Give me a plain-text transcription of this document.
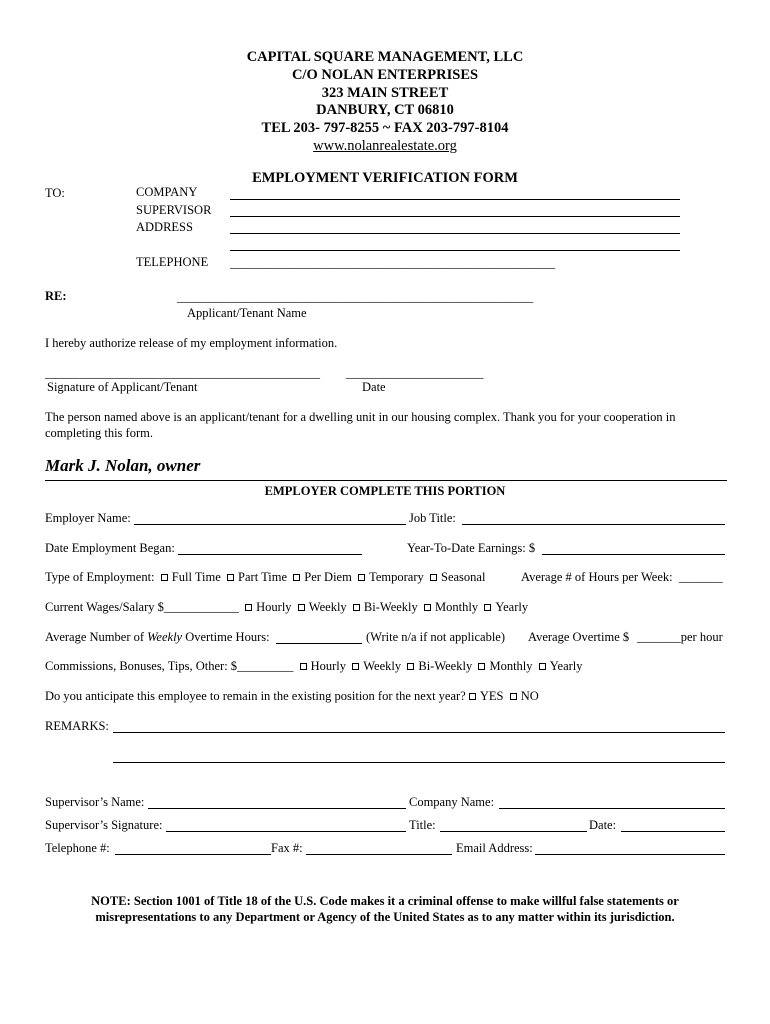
CAPITAL SQUARE MANAGEMENT, LLC
C/O NOLAN ENTERPRISES
323 MAIN STREET
DANBURY, CT 06810
TEL 203- 797-8255 ~ FAX 203-797-8104
www.nolanrealestate.org
EMPLOYMENT VERIFICATION FORM
TO:	COMPANY
SUPERVISOR
ADDRESS
TELEPHONE ____________________________________________________
RE:	_________________________________________________________
Applicant/Tenant Name
I hereby authorize release of my employment information.
____________________________________________ ______________________
Signature of Applicant/Tenant	Date
The person named above is an applicant/tenant for a dwelling unit in our housing complex. Thank you for your cooperation in
completing this form.
Mark J. Nolan, owner
EMPLOYER COMPLETE THIS PORTION
Employer Name:	Job Title:
Date Employment Began:	Year-To-Date Earnings: $
Type of Employment: Full Time Part Time Per Diem Temporary Seasonal	Average # of Hours per Week: _______
Current Wages/Salary $____________ Hourly Weekly Bi-Weekly Monthly Yearly
Average Number of Weekly Overtime Hours:	(Write n/a if not applicable) Average Overtime $ _______per hour
Commissions, Bonuses, Tips, Other: $_________ Hourly Weekly Bi-Weekly Monthly Yearly
Do you anticipate this employee to remain in the existing position for the next year? YES NO
REMARKS:
Supervisor’s Name:	Company Name:
Supervisor’s Signature:	Title:	Date:
Telephone #:	Fax #:	Email Address:
NOTE: Section 1001 of Title 18 of the U.S. Code makes it a criminal offense to make willful false statements or
misrepresentations to any Department or Agency of the United States as to any matter within its jurisdiction.
